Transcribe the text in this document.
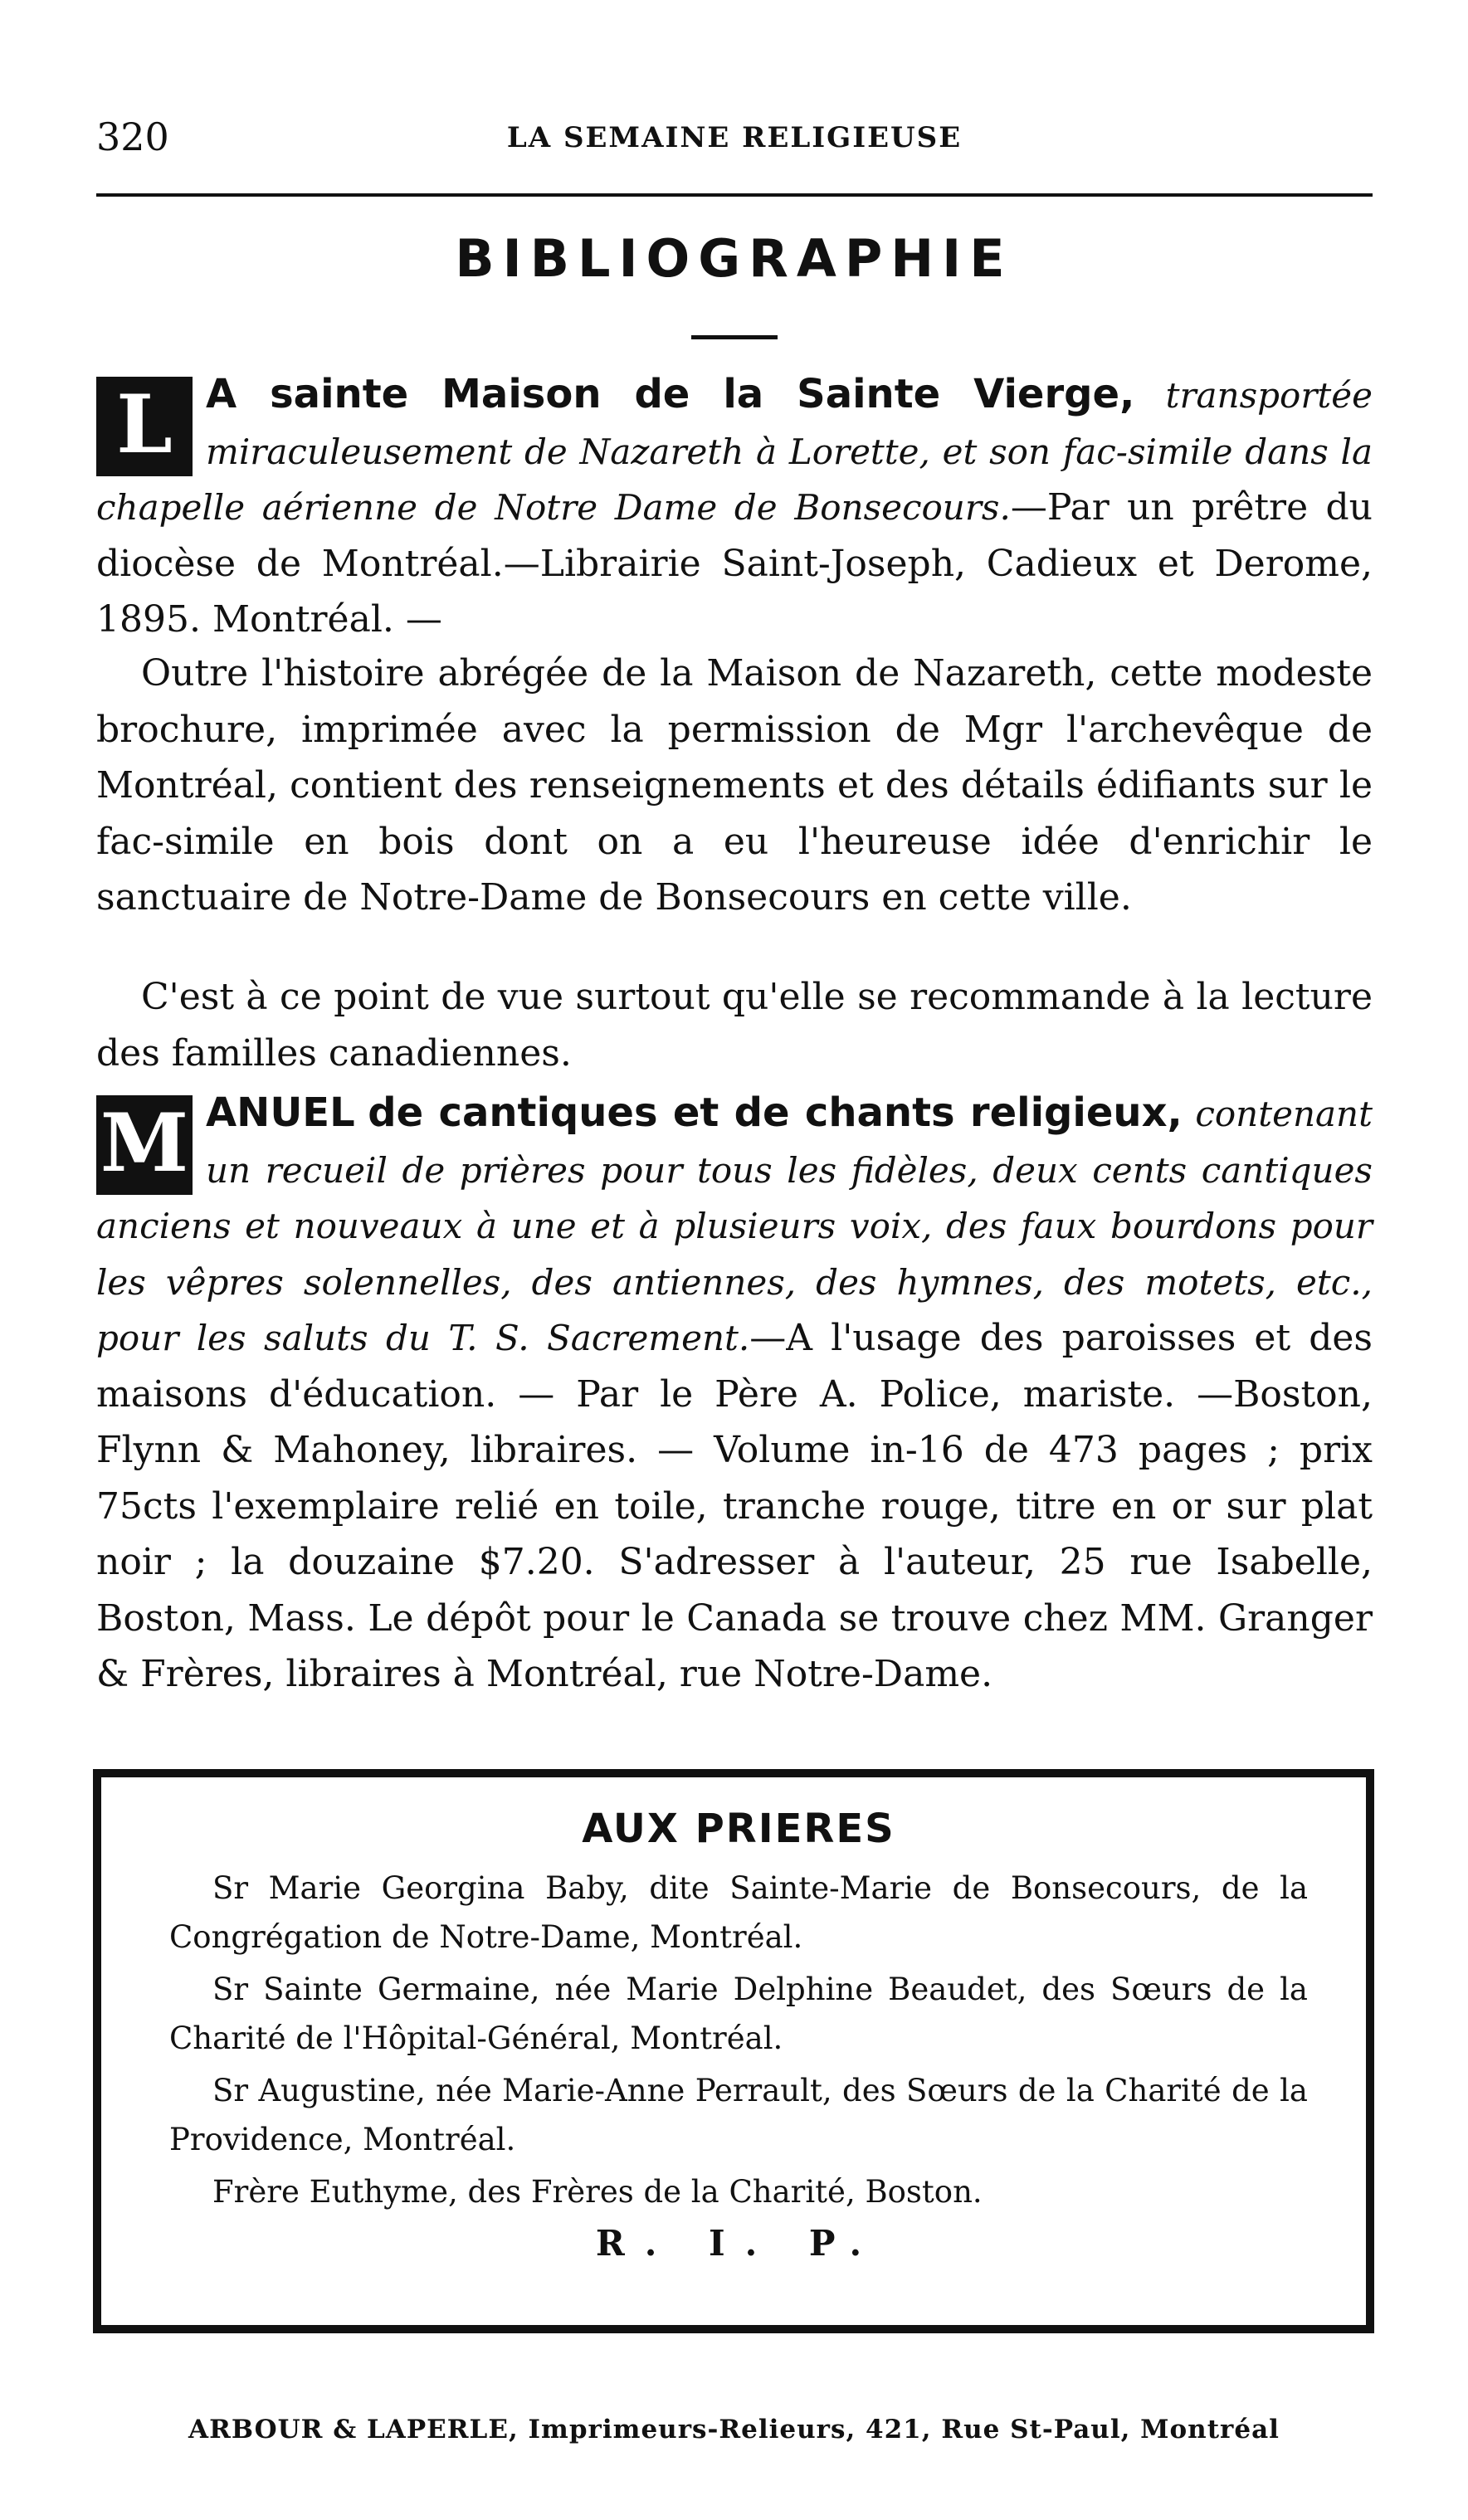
320	LA SEMAINE RELIGIEUSE
BIBLIOGRAPHIE
L A sainte Maison de la Sainte Vierge, transportée miraculeusement de Nazareth à Lorette, et son fac-simile dans la chapelle aérienne de Notre Dame de Bonsecours.—Par un prêtre du diocèse de Montréal.—Librairie Saint-Joseph, Cadieux et Derome, 1895. Montréal. —
Outre l'histoire abrégée de la Maison de Nazareth, cette modeste brochure, imprimée avec la permission de Mgr l'archevêque de Montréal, contient des renseignements et des détails édifiants sur le fac-simile en bois dont on a eu l'heureuse idée d'enrichir le sanctuaire de Notre-Dame de Bonsecours en cette ville.
C'est à ce point de vue surtout qu'elle se recommande à la lecture des familles canadiennes.
M ANUEL de cantiques et de chants religieux, contenant un recueil de prières pour tous les fidèles, deux cents cantiques anciens et nouveaux à une et à plusieurs voix, des faux bourdons pour les vêpres solennelles, des antiennes, des hymnes, des motets, etc., pour les saluts du T. S. Sacrement.—A l'usage des paroisses et des maisons d'éducation. — Par le Père A. Police, mariste. —Boston, Flynn & Mahoney, libraires. — Volume in-16 de 473 pages ; prix 75cts l'exemplaire relié en toile, tranche rouge, titre en or sur plat noir ; la douzaine $7.20. S'adresser à l'auteur, 25 rue Isabelle, Boston, Mass. Le dépôt pour le Canada se trouve chez MM. Granger & Frères, libraires à Montréal, rue Notre-Dame.
AUX PRIERES
Sr Marie Georgina Baby, dite Sainte-Marie de Bonsecours, de la Congrégation de Notre-Dame, Montréal.
Sr Sainte Germaine, née Marie Delphine Beaudet, des Sœurs de la Charité de l'Hôpital-Général, Montréal.
Sr Augustine, née Marie-Anne Perrault, des Sœurs de la Charité de la Providence, Montréal.
Frère Euthyme, des Frères de la Charité, Boston.
R. I. P.
ARBOUR & LAPERLE, Imprimeurs-Relieurs, 421, Rue St-Paul, Montréal
